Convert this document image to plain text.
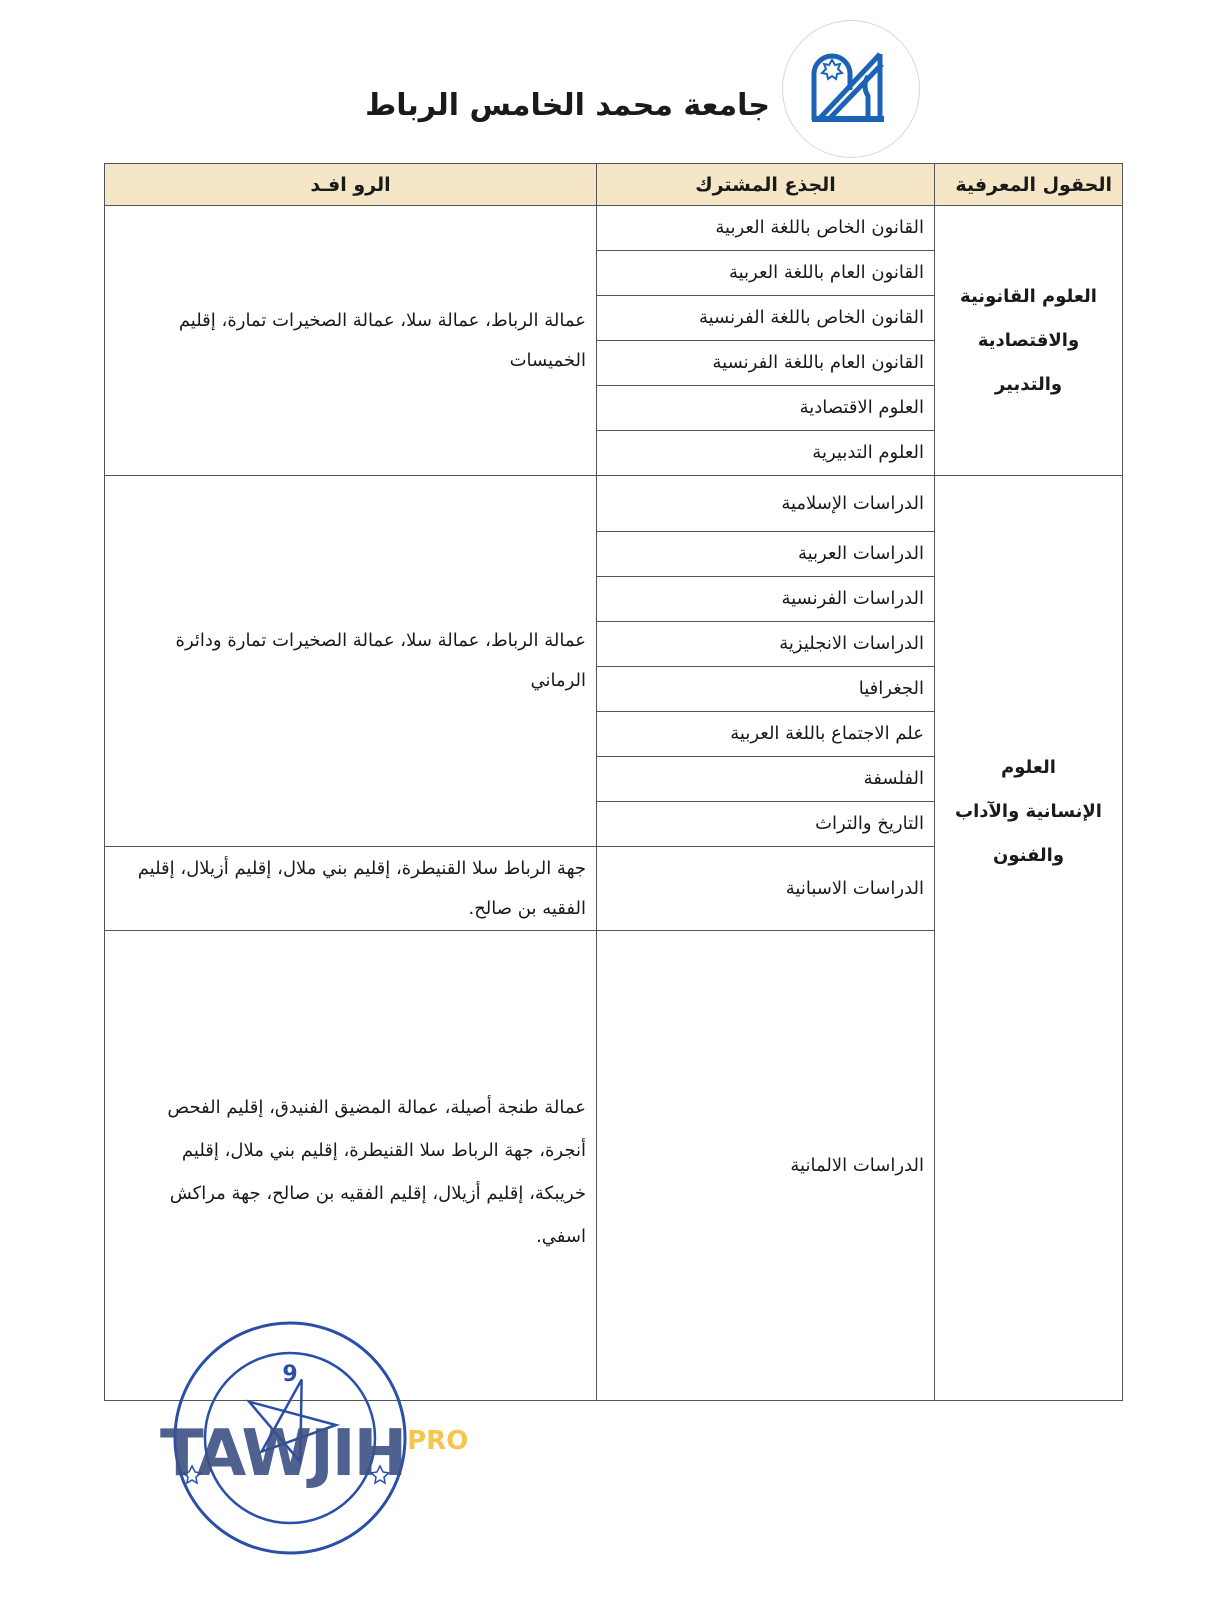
جامعة محمد الخامس الرباط
الحقول المعرفية	الجذع المشترك	الرو افـد

العلوم القانونية
والاقتصادية
والتدبير	القانون الخاص باللغة العربية	عمالة الرباط، عمالة سلا، عمالة الصخيرات تمارة، إقليم الخميسات
	القانون العام باللغة العربية	
	القانون الخاص باللغة الفرنسية	
	القانون العام باللغة الفرنسية	
	العلوم الاقتصادية	
	العلوم التدبيرية	

العلوم
الإنسانية والآداب
والفنون	الدراسات الإسلامية	عمالة الرباط، عمالة سلا، عمالة الصخيرات تمارة ودائرة الرماني
	الدراسات العربية	
	الدراسات الفرنسية	
	الدراسات الانجليزية	
	الجغرافيا	
	علم الاجتماع باللغة العربية	
	الفلسفة	
	التاريخ والتراث	
	الدراسات الاسبانية	جهة الرباط سلا القنيطرة، إقليم بني ملال، إقليم أزيلال، إقليم الفقيه بن صالح.
	الدراسات الالمانية	عمالة طنجة أصيلة، عمالة المضيق الفنيدق، إقليم الفحص أنجرة، جهة الرباط سلا القنيطرة، إقليم بني ملال، إقليم خريبكة، إقليم أزيلال، إقليم الفقيه بن صالح، جهة مراكش اسفي.
9
TAWJIHPRO
